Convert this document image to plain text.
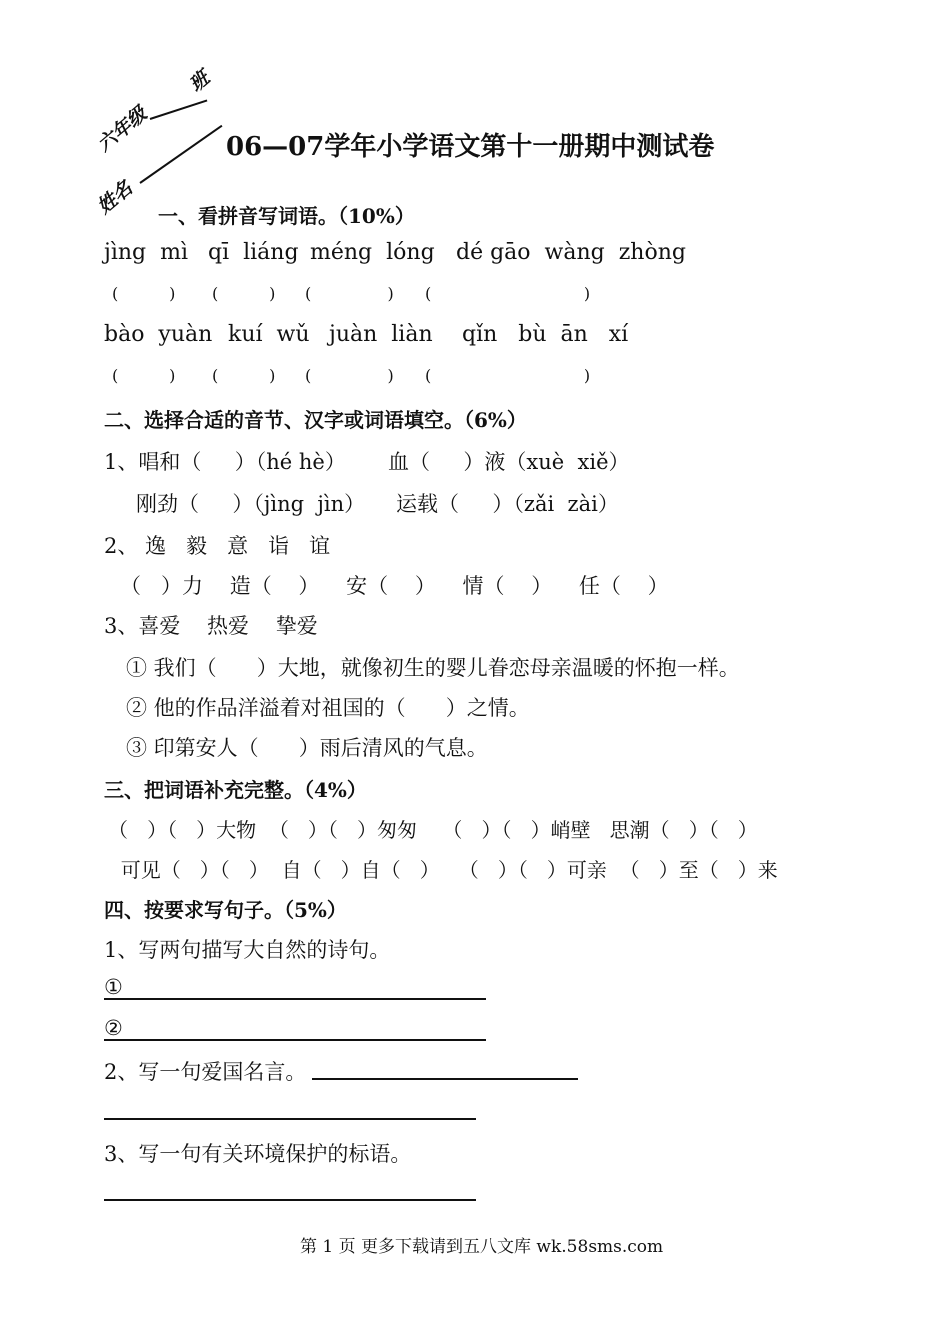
六年级
班
姓名
06—07学年小学语文第十一册期中测试卷
一、看拼音写词语。（10%）
jìng  mì qī  liáng méng  lóng dé gāo  wàng  zhòng
(          ) (          ) (               ) (                              )
bào  yuàn kuí  wǔ juàn  liàn qǐn   bù  ān   xí
(          ) (          ) (               ) (                              )
二、选择合适的音节、汉字或词语填空。（6%）
1、唱和（     ）（hé hè） 血（     ）液（xuè  xiě）
刚劲（     ）（jìng  jìn） 运载（     ）（zǎi  zài）
2、 逸   毅   意   诣   谊
（   ）力    造（    ）    安（    ）    情（    ）    任（    ）
3、喜爱    热爱    挚爱
① 我们（      ）大地，就像初生的婴儿眷恋母亲温暖的怀抱一样。
② 他的作品洋溢着对祖国的（      ）之情。
③ 印第安人（      ）雨后清风的气息。
三、把词语补充完整。（4%）
（   ）（   ）大物  （   ）（   ）匆匆    （   ）（   ）峭壁   思潮（   ）（   ）
可见（   ）（   ）  自（   ）自（   ）   （   ）（   ）可亲  （   ）至（   ）来
四、按要求写句子。（5%）
1、写两句描写大自然的诗句。
①
②
2、写一句爱国名言。
3、写一句有关环境保护的标语。
第 1 页 更多下载请到五八文库 wk.58sms.com
